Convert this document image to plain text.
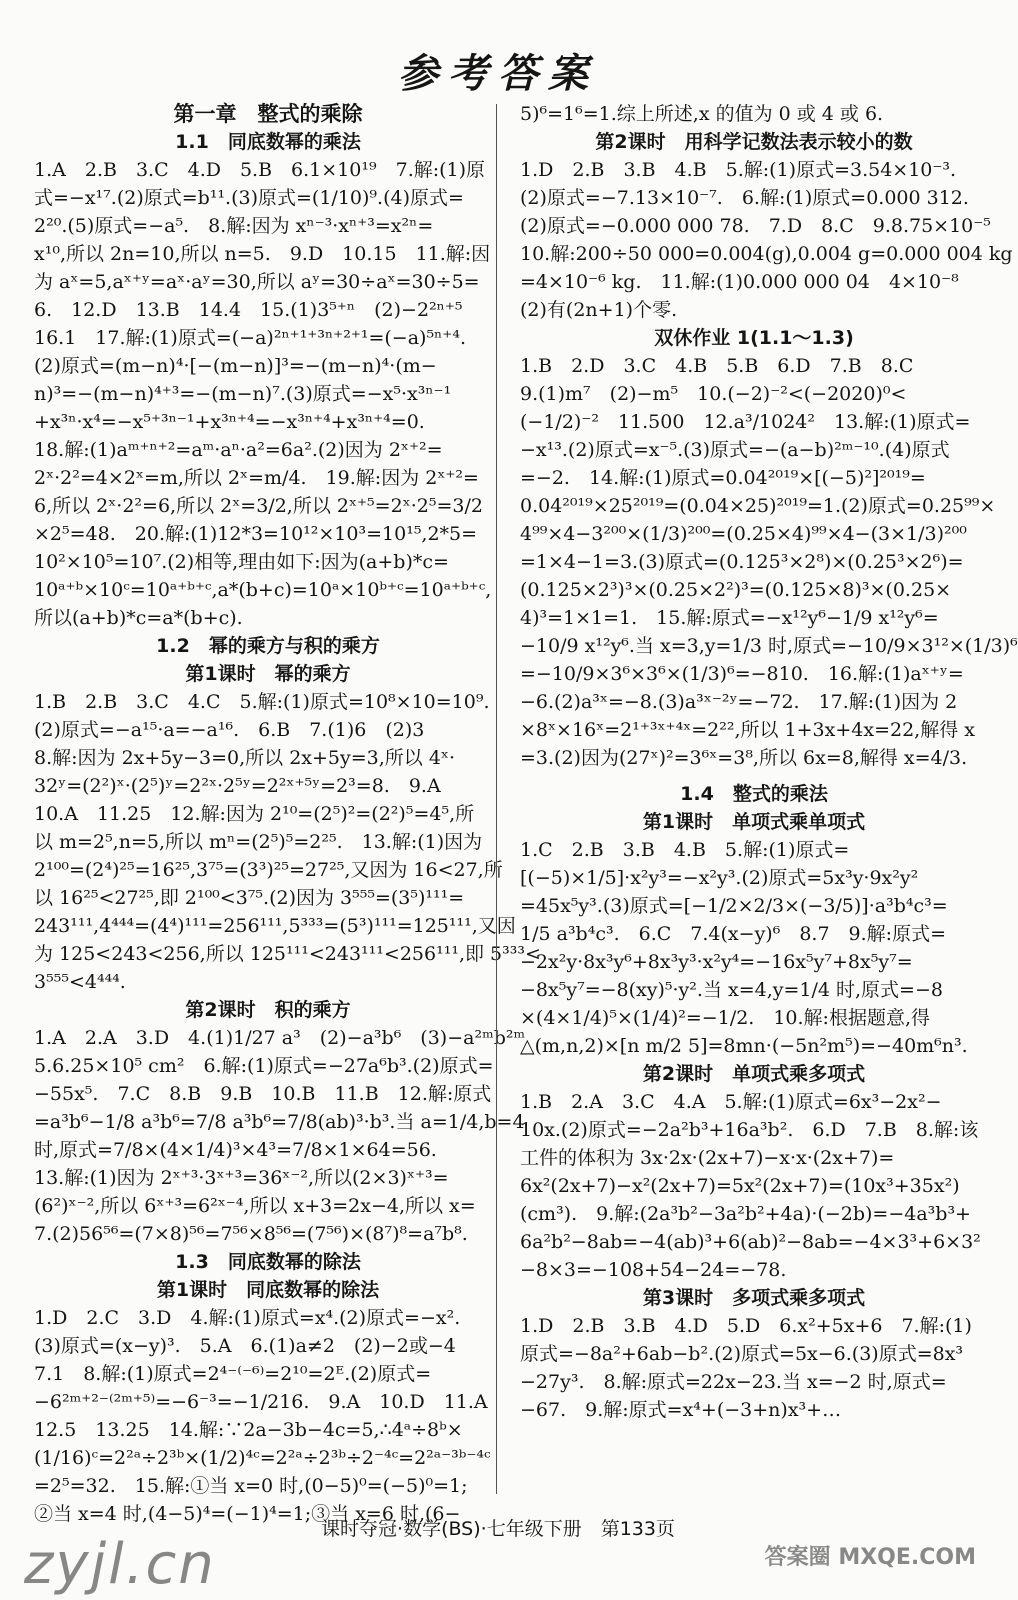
参考答案
第一章　整式的乘除
1.1　同底数幂的乘法
1.A　2.B　3.C　4.D　5.B　6.1×10¹⁹　7.解:(1)原
式=−x¹⁷.(2)原式=b¹¹.(3)原式=(1/10)⁹.(4)原式=
2²⁰.(5)原式=−a⁵.　8.解:因为 xⁿ⁻³·xⁿ⁺³=x²ⁿ=
x¹⁰,所以 2n=10,所以 n=5.　9.D　10.15　11.解:因
为 aˣ=5,aˣ⁺ʸ=aˣ·aʸ=30,所以 aʸ=30÷aˣ=30÷5=
6.　12.D　13.B　14.4　15.(1)3⁵⁺ⁿ　(2)−2²ⁿ⁺⁵
16.1　17.解:(1)原式=(−a)²ⁿ⁺¹⁺³ⁿ⁺²⁺¹=(−a)⁵ⁿ⁺⁴.
(2)原式=(m−n)⁴·[−(m−n)]³=−(m−n)⁴·(m−
n)³=−(m−n)⁴⁺³=−(m−n)⁷.(3)原式=−x⁵·x³ⁿ⁻¹
+x³ⁿ·x⁴=−x⁵⁺³ⁿ⁻¹+x³ⁿ⁺⁴=−x³ⁿ⁺⁴+x³ⁿ⁺⁴=0.
18.解:(1)aᵐ⁺ⁿ⁺²=aᵐ·aⁿ·a²=6a².(2)因为 2ˣ⁺²=
2ˣ·2²=4×2ˣ=m,所以 2ˣ=m/4.　19.解:因为 2ˣ⁺²=
6,所以 2ˣ·2²=6,所以 2ˣ=3/2,所以 2ˣ⁺⁵=2ˣ·2⁵=3/2
×2⁵=48.　20.解:(1)12*3=10¹²×10³=10¹⁵,2*5=
10²×10⁵=10⁷.(2)相等,理由如下:因为(a+b)*c=
10ᵃ⁺ᵇ×10ᶜ=10ᵃ⁺ᵇ⁺ᶜ,a*(b+c)=10ᵃ×10ᵇ⁺ᶜ=10ᵃ⁺ᵇ⁺ᶜ,
所以(a+b)*c=a*(b+c).
1.2　幂的乘方与积的乘方
第1课时　幂的乘方
1.B　2.B　3.C　4.C　5.解:(1)原式=10⁸×10=10⁹.
(2)原式=−a¹⁵·a=−a¹⁶.　6.B　7.(1)6　(2)3
8.解:因为 2x+5y−3=0,所以 2x+5y=3,所以 4ˣ·
32ʸ=(2²)ˣ·(2⁵)ʸ=2²ˣ·2⁵ʸ=2²ˣ⁺⁵ʸ=2³=8.　9.A
10.A　11.25　12.解:因为 2¹⁰=(2⁵)²=(2²)⁵=4⁵,所
以 m=2⁵,n=5,所以 mⁿ=(2⁵)⁵=2²⁵.　13.解:(1)因为
2¹⁰⁰=(2⁴)²⁵=16²⁵,3⁷⁵=(3³)²⁵=27²⁵,又因为 16<27,所
以 16²⁵<27²⁵,即 2¹⁰⁰<3⁷⁵.(2)因为 3⁵⁵⁵=(3⁵)¹¹¹=
243¹¹¹,4⁴⁴⁴=(4⁴)¹¹¹=256¹¹¹,5³³³=(5³)¹¹¹=125¹¹¹,又因
为 125<243<256,所以 125¹¹¹<243¹¹¹<256¹¹¹,即 5³³³<
3⁵⁵⁵<4⁴⁴⁴.
第2课时　积的乘方
1.A　2.A　3.D　4.(1)1/27 a³　(2)−a³b⁶　(3)−a²ᵐb²ᵐ
5.6.25×10⁵ cm²　6.解:(1)原式=−27a⁶b³.(2)原式=
−55x⁵.　7.C　8.B　9.B　10.B　11.B　12.解:原式
=a³b⁶−1/8 a³b⁶=7/8 a³b⁶=7/8(ab)³·b³.当 a=1/4,b=4
时,原式=7/8×(4×1/4)³×4³=7/8×1×64=56.
13.解:(1)因为 2ˣ⁺³·3ˣ⁺³=36ˣ⁻²,所以(2×3)ˣ⁺³=
(6²)ˣ⁻²,所以 6ˣ⁺³=6²ˣ⁻⁴,所以 x+3=2x−4,所以 x=
7.(2)56⁵⁶=(7×8)⁵⁶=7⁵⁶×8⁵⁶=(7⁵⁶)×(8⁷)⁸=a⁷b⁸.
1.3　同底数幂的除法
第1课时　同底数幂的除法
1.D　2.C　3.D　4.解:(1)原式=x⁴.(2)原式=−x².
(3)原式=(x−y)³.　5.A　6.(1)a≠2　(2)−2或−4
7.1　8.解:(1)原式=2⁴⁻⁽⁻⁶⁾=2¹⁰=2ᴱ.(2)原式=
−6²ᵐ⁺²⁻⁽²ᵐ⁺⁵⁾=−6⁻³=−1/216.　9.A　10.D　11.A
12.5　13.25　14.解:∵2a−3b−4c=5,∴4ᵃ÷8ᵇ×
(1/16)ᶜ=2²ᵃ÷2³ᵇ×(1/2)⁴ᶜ=2²ᵃ÷2³ᵇ÷2⁻⁴ᶜ=2²ᵃ⁻³ᵇ⁻⁴ᶜ
=2⁵=32.　15.解:①当 x=0 时,(0−5)⁰=(−5)⁰=1;
②当 x=4 时,(4−5)⁴=(−1)⁴=1;③当 x=6 时,(6−
5)⁶=1⁶=1.综上所述,x 的值为 0 或 4 或 6.
第2课时　用科学记数法表示较小的数
1.D　2.B　3.B　4.B　5.解:(1)原式=3.54×10⁻³.
(2)原式=−7.13×10⁻⁷.　6.解:(1)原式=0.000 312.
(2)原式=−0.000 000 78.　7.D　8.C　9.8.75×10⁻⁵
10.解:200÷50 000=0.004(g),0.004 g=0.000 004 kg
=4×10⁻⁶ kg.　11.解:(1)0.000 000 04　4×10⁻⁸
(2)有(2n+1)个零.
双休作业 1(1.1～1.3)
1.B　2.D　3.C　4.B　5.B　6.D　7.B　8.C
9.(1)m⁷　(2)−m⁵　10.(−2)⁻²<(−2020)⁰<
(−1/2)⁻²　11.500　12.a³/1024²　13.解:(1)原式=
−x¹³.(2)原式=x⁻⁵.(3)原式=−(a−b)²ᵐ⁻¹⁰.(4)原式
=−2.　14.解:(1)原式=0.04²⁰¹⁹×[(−5)²]²⁰¹⁹=
0.04²⁰¹⁹×25²⁰¹⁹=(0.04×25)²⁰¹⁹=1.(2)原式=0.25⁹⁹×
4⁹⁹×4−3²⁰⁰×(1/3)²⁰⁰=(0.25×4)⁹⁹×4−(3×1/3)²⁰⁰
=1×4−1=3.(3)原式=(0.125³×2⁸)×(0.25³×2⁶)=
(0.125×2³)³×(0.25×2²)³=(0.125×8)³×(0.25×
4)³=1×1=1.　15.解:原式=−x¹²y⁶−1/9 x¹²y⁶=
−10/9 x¹²y⁶.当 x=3,y=1/3 时,原式=−10/9×3¹²×(1/3)⁶
=−10/9×3⁶×3⁶×(1/3)⁶=−810.　16.解:(1)aˣ⁺ʸ=
−6.(2)a³ˣ=−8.(3)a³ˣ⁻²ʸ=−72.　17.解:(1)因为 2
×8ˣ×16ˣ=2¹⁺³ˣ⁺⁴ˣ=2²²,所以 1+3x+4x=22,解得 x
=3.(2)因为(27ˣ)²=3⁶ˣ=3⁸,所以 6x=8,解得 x=4/3.
1.4　整式的乘法
第1课时　单项式乘单项式
1.C　2.B　3.B　4.B　5.解:(1)原式=
[(−5)×1/5]·x²y³=−x²y³.(2)原式=5x³y·9x²y²
=45x⁵y³.(3)原式=[−1/2×2/3×(−3/5)]·a³b⁴c³=
1/5 a³b⁴c³.　6.C　7.4(x−y)⁶　8.7　9.解:原式=
−2x²y·8x³y⁶+8x³y³·x²y⁴=−16x⁵y⁷+8x⁵y⁷=
−8x⁵y⁷=−8(xy)⁵·y².当 x=4,y=1/4 时,原式=−8
×(4×1/4)⁵×(1/4)²=−1/2.　10.解:根据题意,得
△(m,n,2)×[n m/2 5]=8mn·(−5n²m⁵)=−40m⁶n³.
第2课时　单项式乘多项式
1.B　2.A　3.C　4.A　5.解:(1)原式=6x³−2x²−
10x.(2)原式=−2a²b³+16a³b².　6.D　7.B　8.解:该
工件的体积为 3x·2x·(2x+7)−x·x·(2x+7)=
6x²(2x+7)−x²(2x+7)=5x²(2x+7)=(10x³+35x²)
(cm³).　9.解:(2a³b²−3a²b²+4a)·(−2b)=−4a³b³+
6a²b²−8ab=−4(ab)³+6(ab)²−8ab=−4×3³+6×3²
−8×3=−108+54−24=−78.
第3课时　多项式乘多项式
1.D　2.B　3.B　4.D　5.D　6.x²+5x+6　7.解:(1)
原式=−8a²+6ab−b².(2)原式=5x−6.(3)原式=8x³
−27y³.　8.解:原式=22x−23.当 x=−2 时,原式=
−67.　9.解:原式=x⁴+(−3+n)x³+…
课时夺冠·数学(BS)·七年级下册　第133页
zyjl.cn	答案圈 MXQE.COM
